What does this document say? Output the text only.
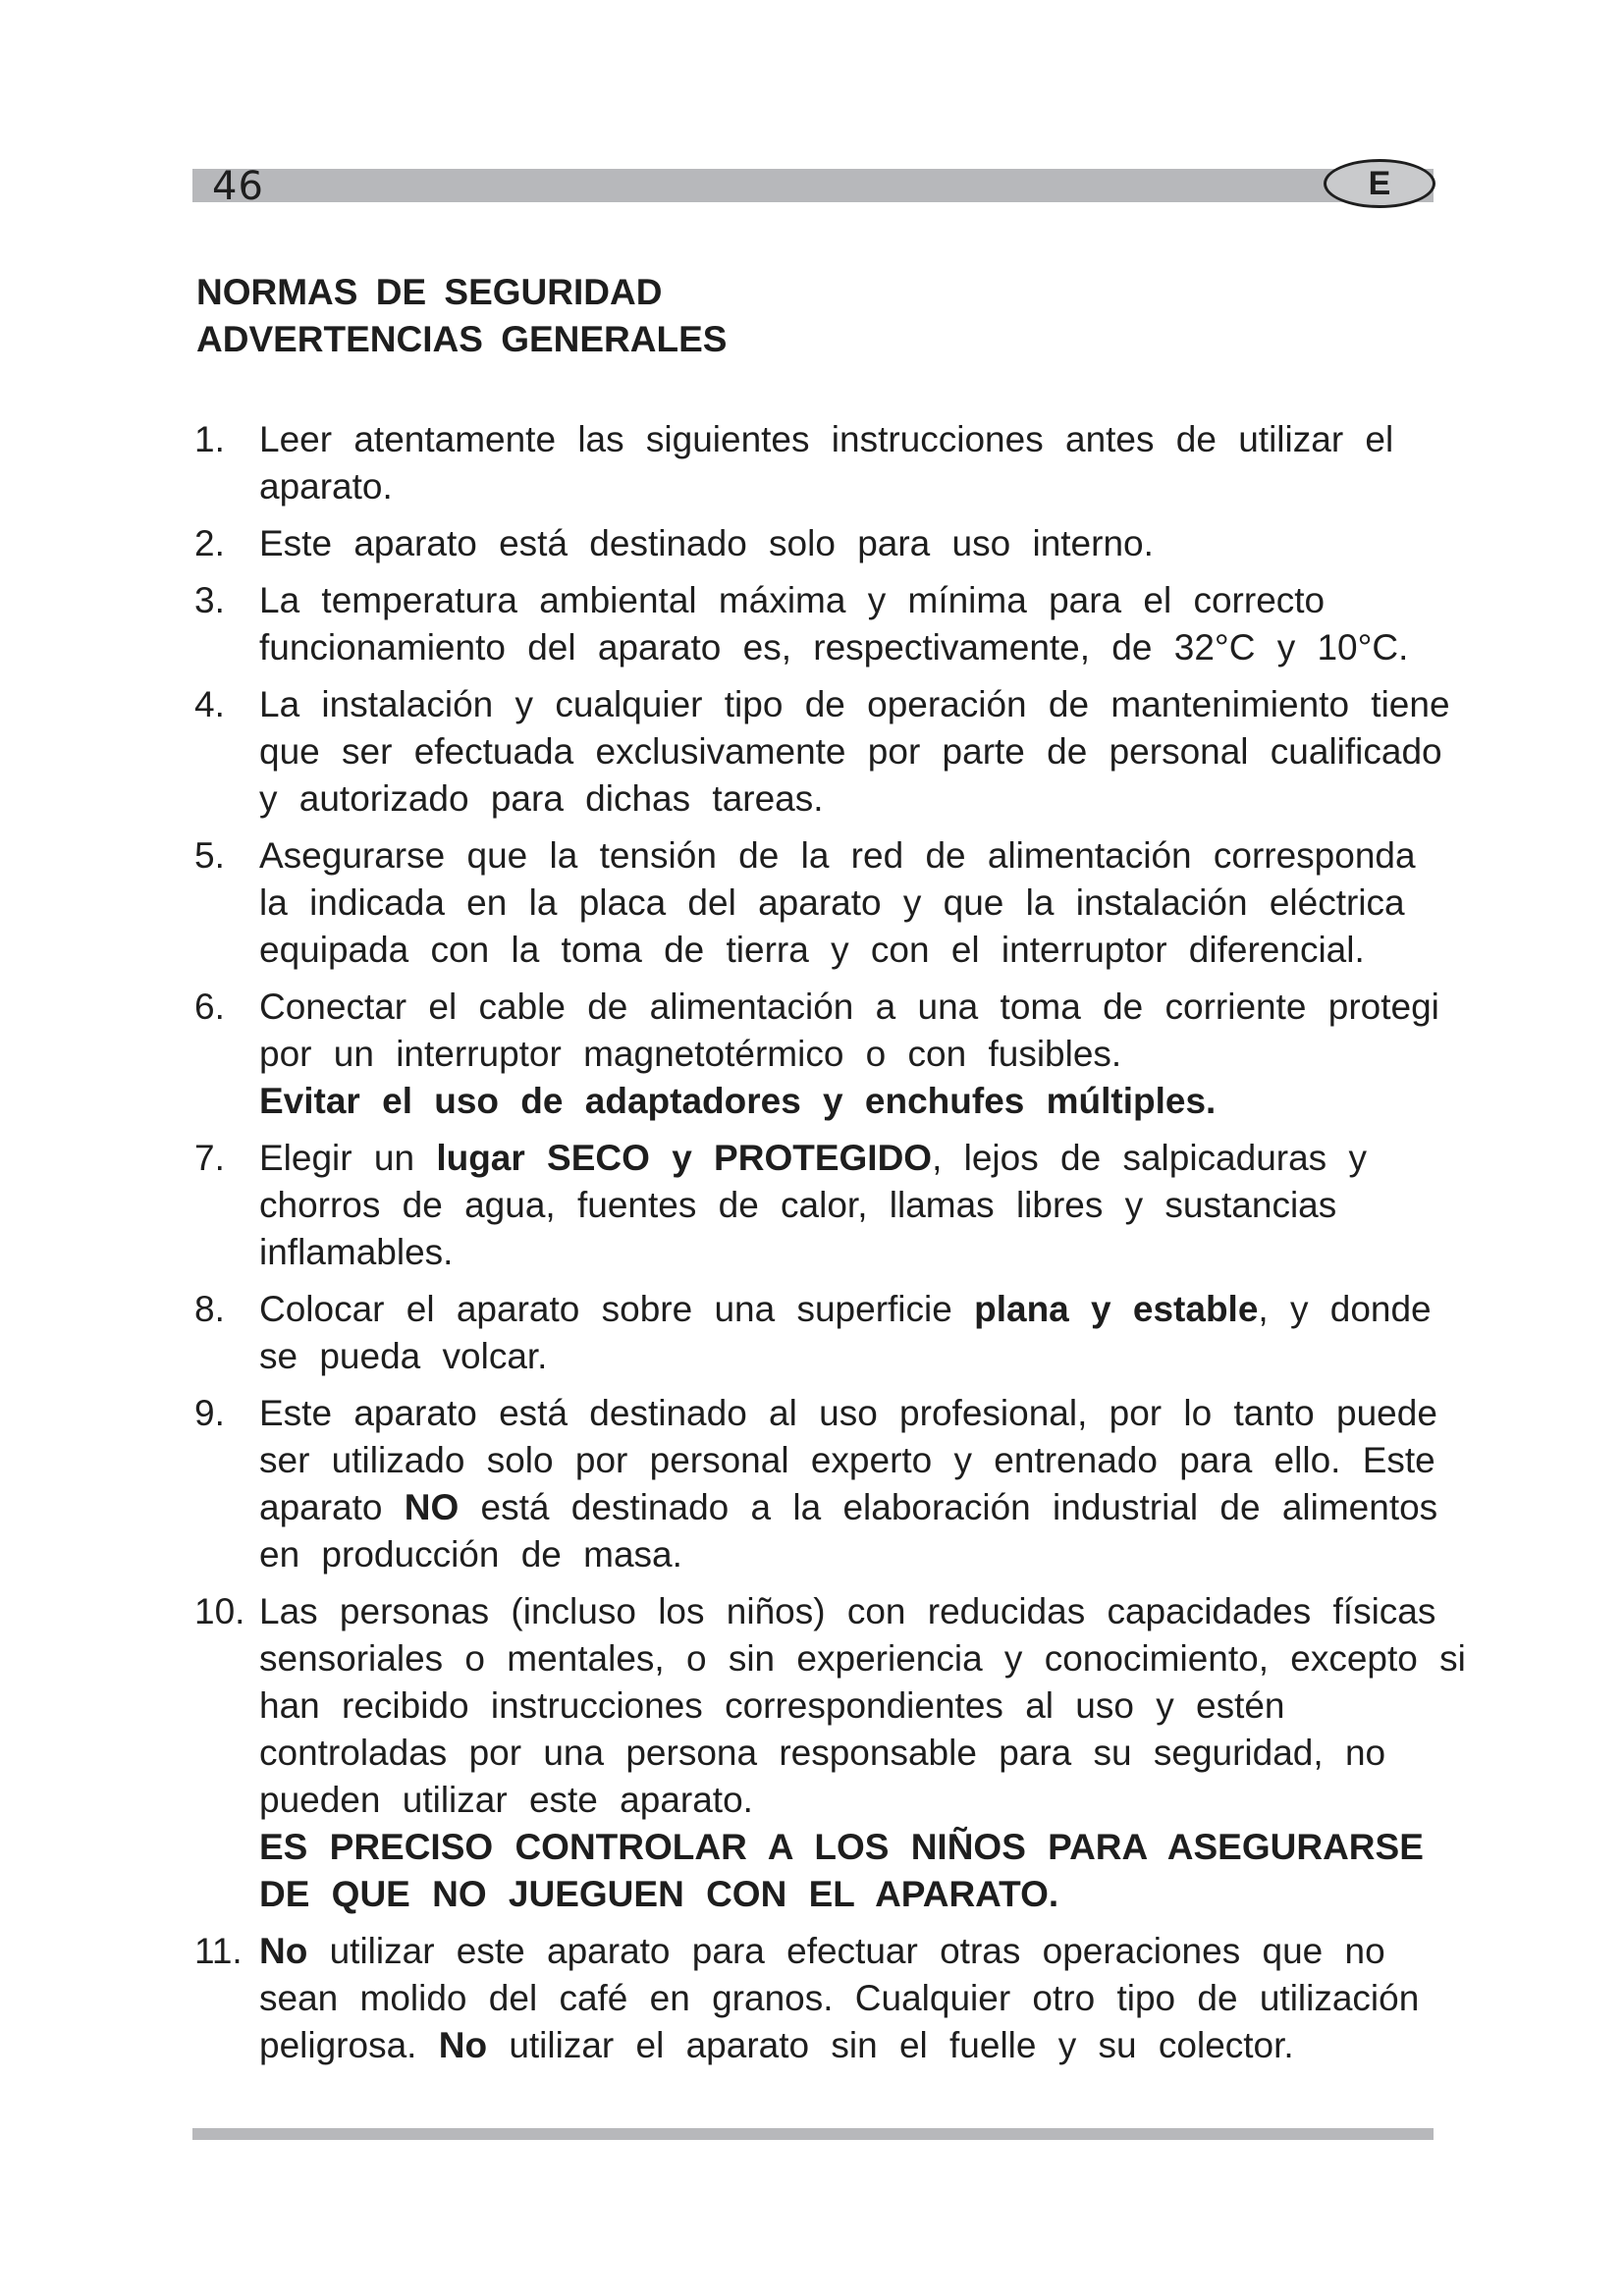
46	E
NORMAS DE SEGURIDAD
ADVERTENCIAS GENERALES
1. Leer atentamente las siguientes instrucciones antes de utilizar el
aparato.
2. Este aparato está destinado solo para uso interno.
3. La temperatura ambiental máxima y mínima para el correcto
funcionamiento del aparato es, respectivamente, de 32°C y 10°C.
4. La instalación y cualquier tipo de operación de mantenimiento tiene
que ser efectuada exclusivamente por parte de personal cualificado
y autorizado para dichas tareas.
5. Asegurarse que la tensión de la red de alimentación corresponda
la indicada en la placa del aparato y que la instalación eléctrica
equipada con la toma de tierra y con el interruptor diferencial.
6. Conectar el cable de alimentación a una toma de corriente protegi
por un interruptor magnetotérmico o con fusibles.
Evitar el uso de adaptadores y enchufes múltiples.
7. Elegir un lugar SECO y PROTEGIDO, lejos de salpicaduras y
chorros de agua, fuentes de calor, llamas libres y sustancias
inflamables.
8. Colocar el aparato sobre una superficie plana y estable, y donde
se pueda volcar.
9. Este aparato está destinado al uso profesional, por lo tanto puede
ser utilizado solo por personal experto y entrenado para ello. Este
aparato NO está destinado a la elaboración industrial de alimentos
en producción de masa.
10. Las personas (incluso los niños) con reducidas capacidades físicas
sensoriales o mentales, o sin experiencia y conocimiento, excepto si
han recibido instrucciones correspondientes al uso y estén
controladas por una persona responsable para su seguridad, no
pueden utilizar este aparato.
ES PRECISO CONTROLAR A LOS NIÑOS PARA ASEGURARSE
DE QUE NO JUEGUEN CON EL APARATO.
11. No utilizar este aparato para efectuar otras operaciones que no
sean molido del café en granos. Cualquier otro tipo de utilización
peligrosa. No utilizar el aparato sin el fuelle y su colector.
